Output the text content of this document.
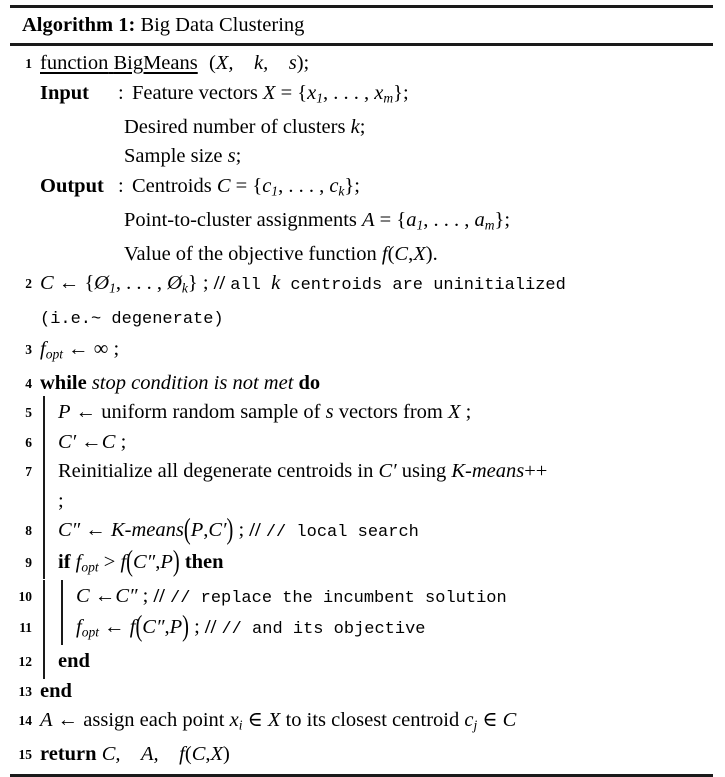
Algorithm 1: Big Data Clustering
1 function BigMeans (X, k, s);
Input	: Feature vectors $X = \{x_1$, . . . , $x_m$};
Desired number of clusters k;
Sample size s;
Output : Centroids $C = \{c_1$, . . . , $c_k$};
Point-to-cluster assignments $A = \{a_1$, . . . , $a_m$};
Value of the objective function f(C,X).
2 C ← {$Ø_1$, . . . , $Ø_k$} ; // all k centroids are uninitialized
(i.e.~ degenerate)
3 $f_{opt}$ ← ∞ ;
4 while stop condition is not met do
5	P ← uniform random sample of s vectors from X ;
6	C′ ←C ;
7	Reinitialize all degenerate centroids in C′ using K-means++
;
8	C″ ← K-means(P,C′) ; // // local search
9	if $f_{opt} > f(C'',P)$ then
10	C ←C″ ; // // replace the incumbent solution
11	$f_{opt}$ ← f(C″,P) ; // // and its objective
12	end
13 end
14 A ← assign each point $x_i$ ∈ X to its closest centroid $c_j$ ∈ C
15 return C, A, f(C,X)
